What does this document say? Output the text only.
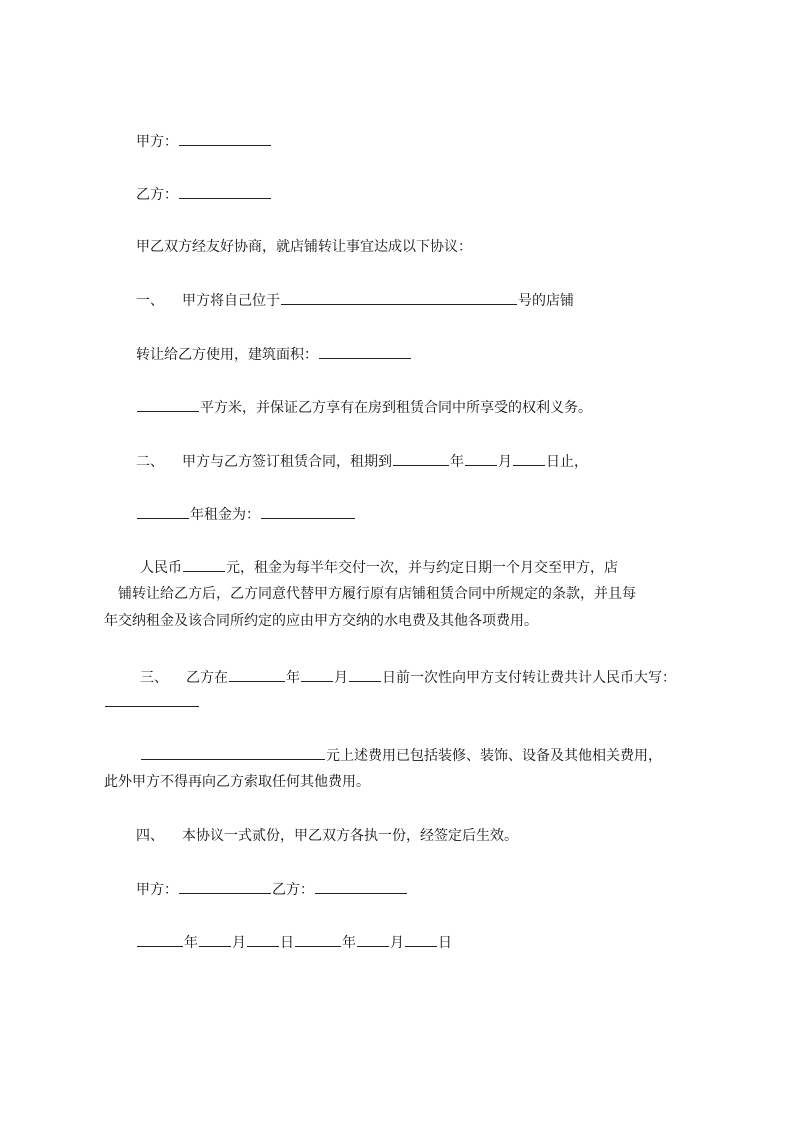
甲方：
乙方：
甲乙双方经友好协商，就店铺转让事宜达成以下协议：
一、 甲方将自己位于	号的店铺
转让给乙方使用，建筑面积：
平方米，并保证乙方享有在房到租赁合同中所享受的权利义务。
二、 甲方与乙方签订租赁合同，租期到	年 月 日止，
年租金为：
人民币	元，租金为每半年交付一次，并与约定日期一个月交至甲方，店
铺转让给乙方后，乙方同意代替甲方履行原有店铺租赁合同中所规定的条款，并且每
年交纳租金及该合同所约定的应由甲方交纳的水电费及其他各项费用。
三、 乙方在	年 月 日前一次性向甲方支付转让费共计人民币大写：
元上述费用已包括装修、装饰、设备及其他相关费用，
此外甲方不得再向乙方索取任何其他费用。
四、 本协议一式贰份，甲乙双方各执一份，经签定后生效。
甲方：	乙方：
年 月 日	年 月 日
